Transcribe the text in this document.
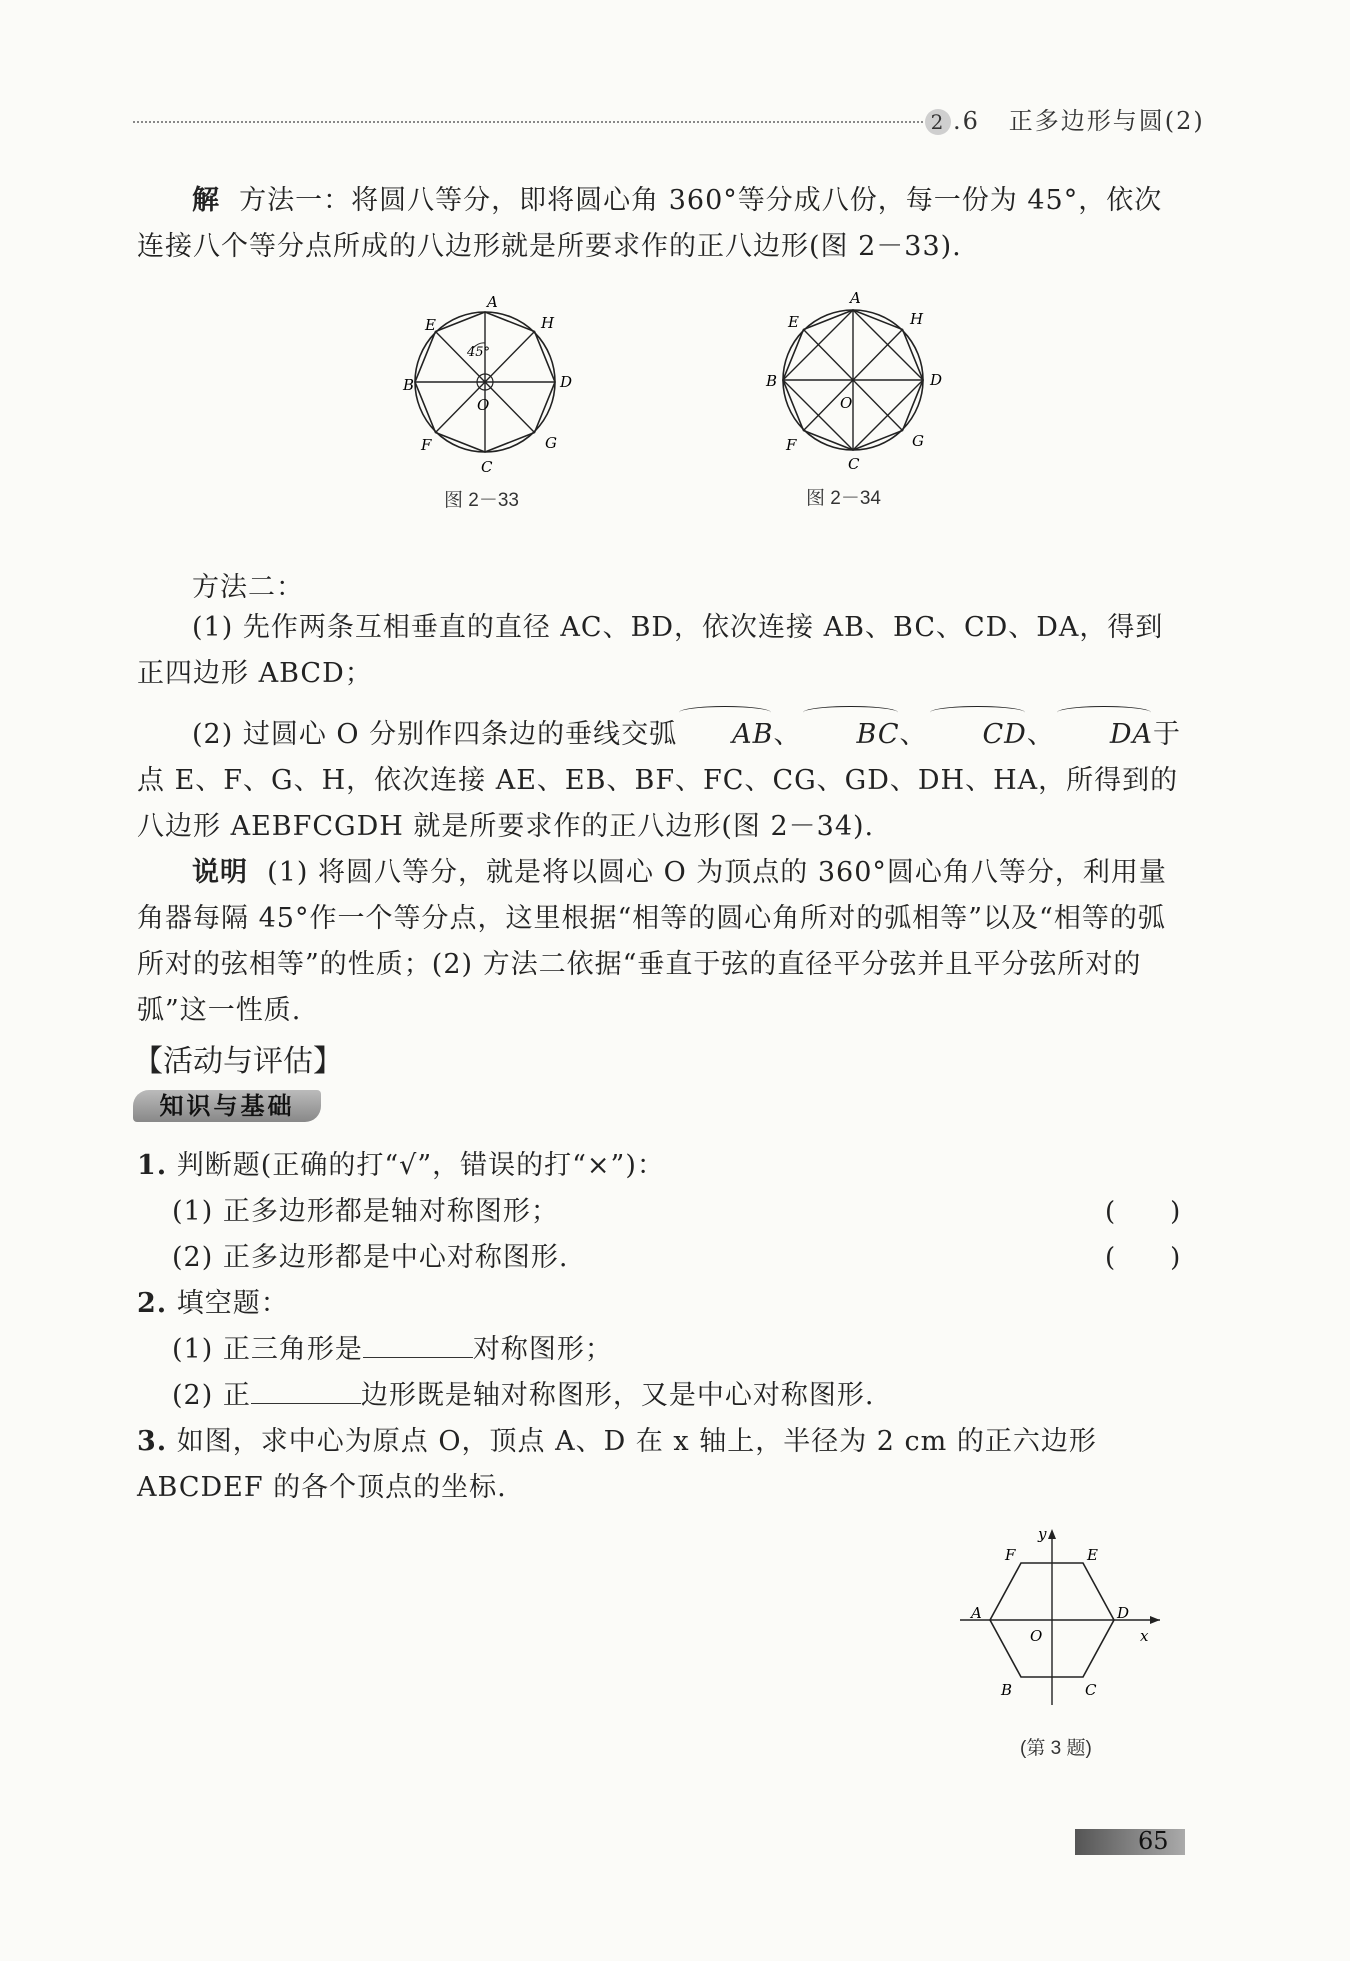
2 .6 正多边形与圆(2)
解 方法一：将圆八等分，即将圆心角 360°等分成八份，每一份为 45°，依次连接八个等分点所成的八边形就是所要求作的正八边形(图 2－33).
45°
A
E	H
B	D
O
F	G
C
图 2－33
A
E	H
B	D
O
F	G
C
图 2－34
方法二：
(1) 先作两条互相垂直的直径 AC、BD，依次连接 AB、BC、CD、DA，得到正四边形 ABCD；
(2) 过圆心 O 分别作四条边的垂线交弧 AB、 BC、 CD、 DA于点 E、F、G、H，依次连接 AE、EB、BF、FC、CG、GD、DH、HA，所得到的八边形 AEBFCGDH 就是所要求作的正八边形(图 2－34).
说明 (1) 将圆八等分，就是将以圆心 O 为顶点的 360°圆心角八等分，利用量角器每隔 45°作一个等分点，这里根据“相等的圆心角所对的弧相等”以及“相等的弧所对的弦相等”的性质；(2) 方法二依据“垂直于弦的直径平分弦并且平分弦所对的弧”这一性质.
【活动与评估】
知识与基础
1. 判断题(正确的打“√”，错误的打“×”)：
(1) 正多边形都是轴对称图形；	(　　)
(2) 正多边形都是中心对称图形.	(　　)
2. 填空题：
(1) 正三角形是	对称图形；
(2) 正	边形既是轴对称图形，又是中心对称图形.
3. 如图，求中心为原点 O，顶点 A、D 在 x 轴上，半径为 2 cm 的正六边形 ABCDEF 的各个顶点的坐标.
A	D
F	E
B	C
O	x
y
(第 3 题)
65
